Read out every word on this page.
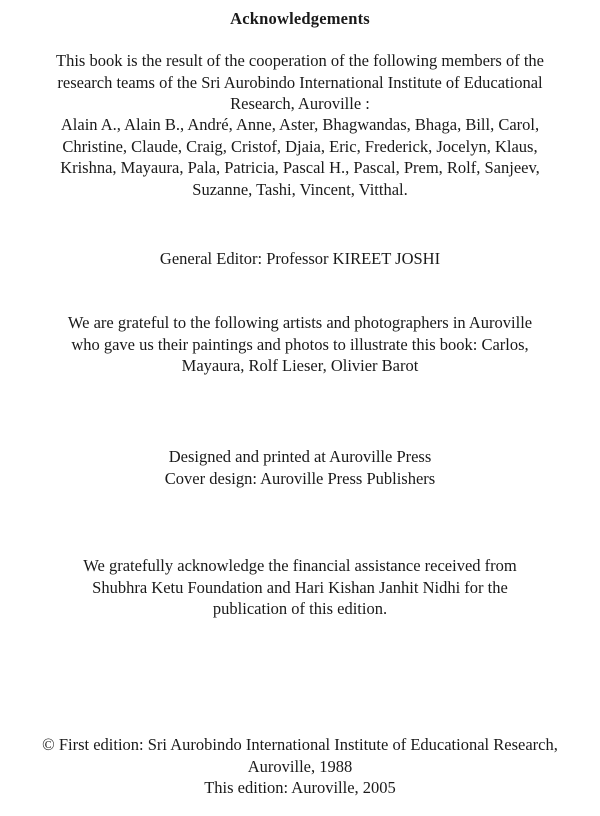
Acknowledgements
This book is the result of the cooperation of the following members of the
research teams of the Sri Aurobindo International Institute of Educational
Research, Auroville :
Alain A., Alain B., André, Anne, Aster, Bhagwandas, Bhaga, Bill, Carol,
Christine, Claude, Craig, Cristof, Djaia, Eric, Frederick, Jocelyn, Klaus,
Krishna, Mayaura, Pala, Patricia, Pascal H., Pascal, Prem, Rolf, Sanjeev,
Suzanne, Tashi, Vincent, Vitthal.
General Editor: Professor KIREET JOSHI
We are grateful to the following artists and photographers in Auroville
who gave us their paintings and photos to illustrate this book: Carlos,
Mayaura, Rolf Lieser, Olivier Barot
Designed and printed at Auroville Press
Cover design: Auroville Press Publishers
We gratefully acknowledge the financial assistance received from
Shubhra Ketu Foundation and Hari Kishan Janhit Nidhi for the
publication of this edition.
© First edition: Sri Aurobindo International Institute of Educational Research,
Auroville, 1988
This edition: Auroville, 2005
